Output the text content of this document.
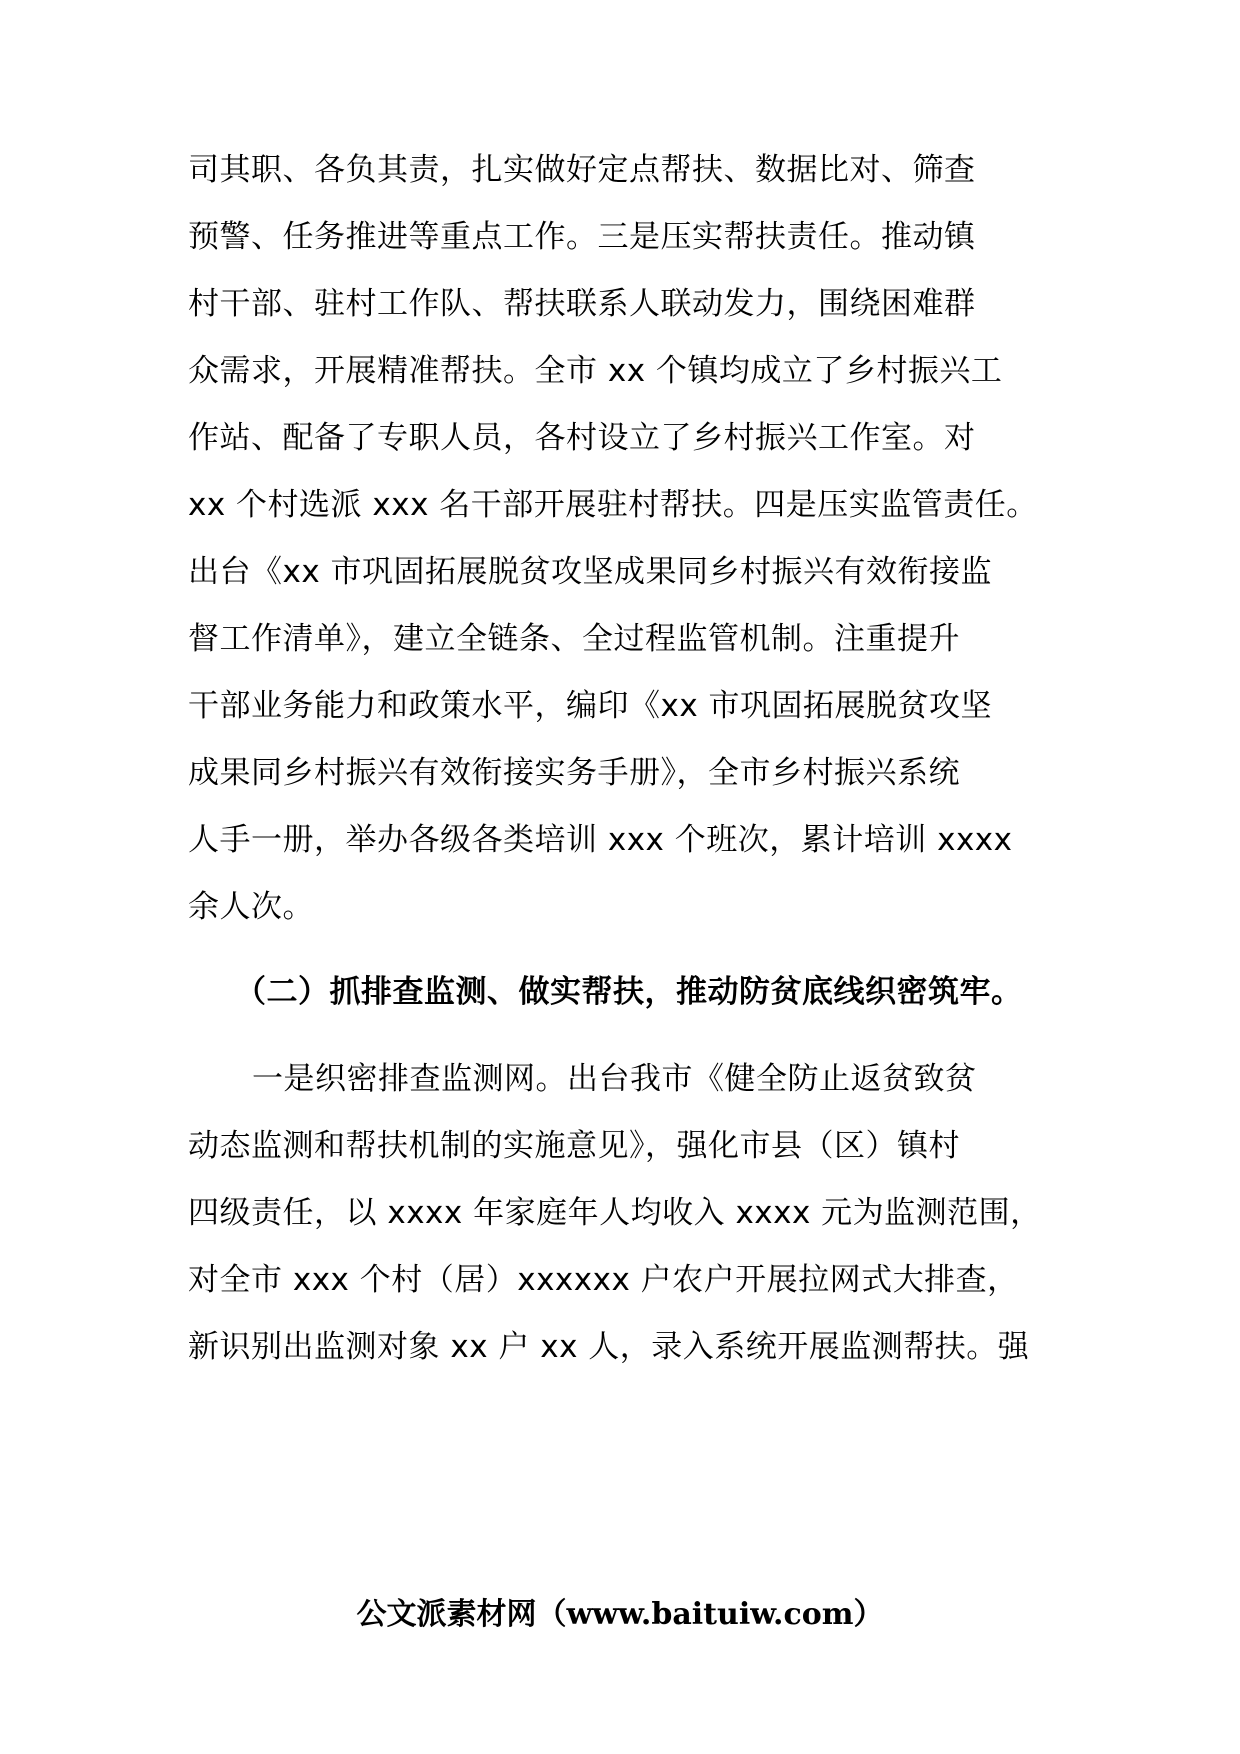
司其职、各负其责，扎实做好定点帮扶、数据比对、筛查
预警、任务推进等重点工作。三是压实帮扶责任。推动镇
村干部、驻村工作队、帮扶联系人联动发力，围绕困难群
众需求，开展精准帮扶。全市 xx 个镇均成立了乡村振兴工
作站、配备了专职人员，各村设立了乡村振兴工作室。对
xx 个村选派 xxx 名干部开展驻村帮扶。四是压实监管责任。
出台《xx 市巩固拓展脱贫攻坚成果同乡村振兴有效衔接监
督工作清单》，建立全链条、全过程监管机制。注重提升
干部业务能力和政策水平，编印《xx 市巩固拓展脱贫攻坚
成果同乡村振兴有效衔接实务手册》，全市乡村振兴系统
人手一册，举办各级各类培训 xxx 个班次，累计培训 xxxx
余人次。
（二）抓排查监测、做实帮扶，推动防贫底线织密筑牢。
一是织密排查监测网。出台我市《健全防止返贫致贫
动态监测和帮扶机制的实施意见》，强化市县（区）镇村
四级责任，以 xxxx 年家庭年人均收入 xxxx 元为监测范围，
对全市 xxx 个村（居）xxxxxx 户农户开展拉网式大排查，
新识别出监测对象 xx 户 xx 人，录入系统开展监测帮扶。强
公文派素材网（www.baituiw.com）
